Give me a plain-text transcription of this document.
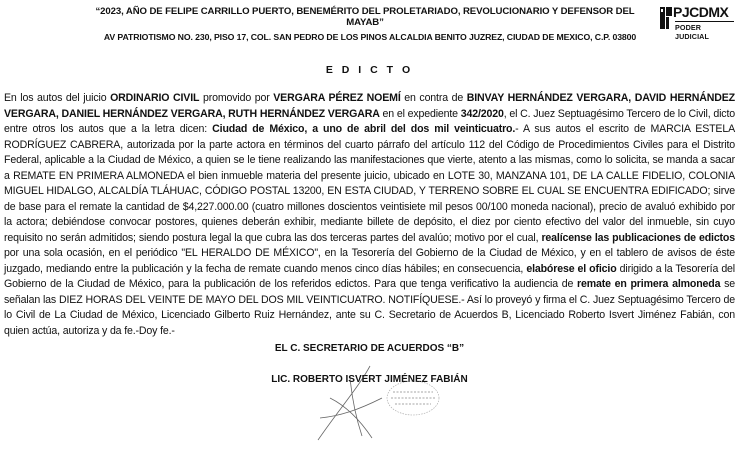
“2023, AÑO DE FELIPE CARRILLO PUERTO, BENEMÉRITO DEL PROLETARIADO, REVOLUCIONARIO Y DEFENSOR DEL MAYAB”
AV PATRIOTISMO NO. 230, PISO 17, COL. SAN PEDRO DE LOS PINOS ALCALDIA BENITO JUZREZ, CIUDAD DE MEXICO, C.P. 03800
PJCDMX
PODER JUDICIAL
E D I C T O
En los autos del juicio ORDINARIO CIVIL promovido por VERGARA PÉREZ NOEMÍ en contra de BINVAY HERNÁNDEZ VERGARA, DAVID HERNÁNDEZ VERGARA, DANIEL HERNÁNDEZ VERGARA, RUTH HERNÁNDEZ VERGARA en el expediente 342/2020, el C. Juez Septuagésimo Tercero de lo Civil, dicto entre otros los autos que a la letra dicen: Ciudad de México, a uno de abril del dos mil veinticuatro.- A sus autos el escrito de MARCIA ESTELA RODRÍGUEZ CABRERA, autorizada por la parte actora en términos del cuarto párrafo del artículo 112 del Código de Procedimientos Civiles para el Distrito Federal, aplicable a la Ciudad de México, a quien se le tiene realizando las manifestaciones que vierte, atento a las mismas, como lo solicita, se manda a sacar a REMATE EN PRIMERA ALMONEDA el bien inmueble materia del presente juicio, ubicado en LOTE 30, MANZANA 101, DE LA CALLE FIDELIO, COLONIA MIGUEL HIDALGO, ALCALDÍA TLÁHUAC, CÓDIGO POSTAL 13200, EN ESTA CIUDAD, Y TERRENO SOBRE EL CUAL SE ENCUENTRA EDIFICADO; sirve de base para el remate la cantidad de $4,227.000.00 (cuatro millones doscientos veintisiete mil pesos 00/100 moneda nacional), precio de avaluó exhibido por la actora; debiéndose convocar postores, quienes deberán exhibir, mediante billete de depósito, el diez por ciento efectivo del valor del inmueble, sin cuyo requisito no serán admitidos; siendo postura legal la que cubra las dos terceras partes del avalúo; motivo por el cual, realícense las publicaciones de edictos por una sola ocasión, en el periódico "EL HERALDO DE MÉXICO", en la Tesorería del Gobierno de la Ciudad de México, y en el tablero de avisos de éste juzgado, mediando entre la publicación y la fecha de remate cuando menos cinco días hábiles; en consecuencia, elabórese el oficio dirigido a la Tesorería del Gobierno de la Ciudad de México, para la publicación de los referidos edictos. Para que tenga verificativo la audiencia de remate en primera almoneda se señalan las DIEZ HORAS DEL VEINTE DE MAYO DEL DOS MIL VEINTICUATRO. NOTIFÍQUESE.- Así lo proveyó y firma el C. Juez Septuagésimo Tercero de lo Civil de La Ciudad de México, Licenciado Gilberto Ruiz Hernández, ante su C. Secretario de Acuerdos B, Licenciado Roberto Isvert Jiménez Fabián, con quien actúa, autoriza y da fe.-Doy fe.-
EL C. SECRETARIO DE ACUERDOS “B”
LIC. ROBERTO ISVERT JIMÉNEZ FABIÁN
